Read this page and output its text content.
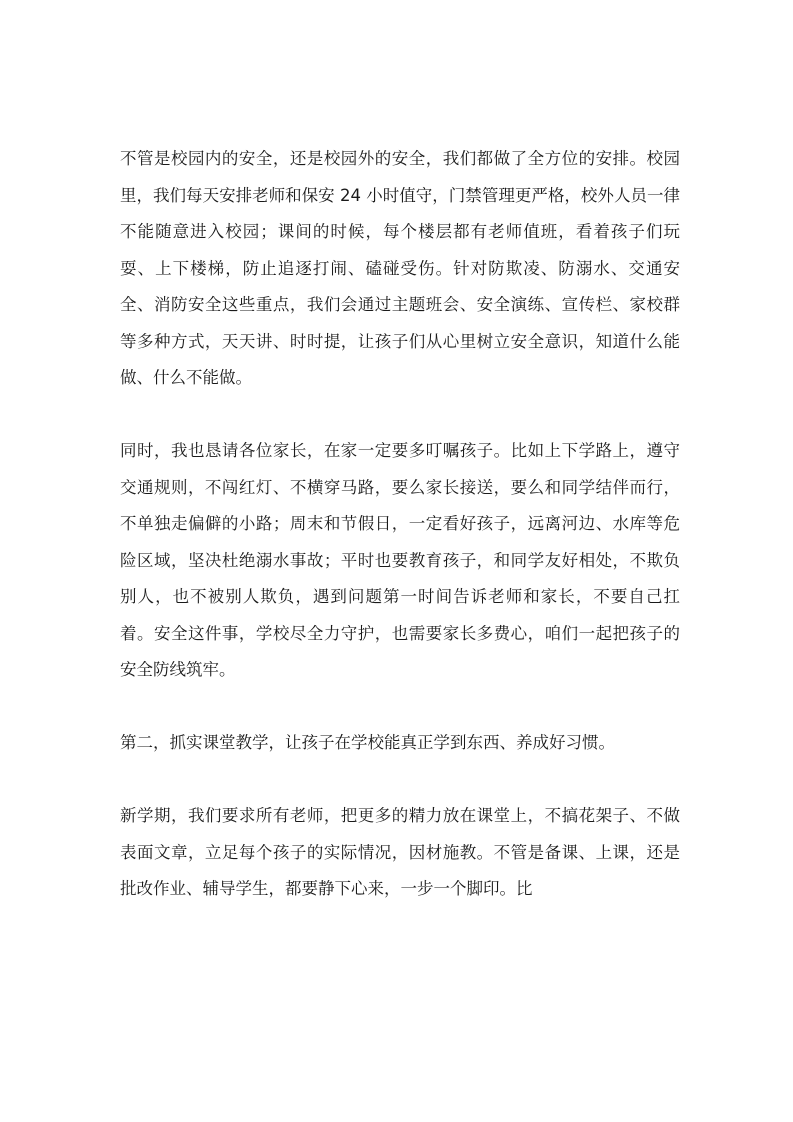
不管是校园内的安全，还是校园外的安全，我们都做了全方位的安排。校园里，我们每天安排老师和保安 24 小时值守，门禁管理更严格，校外人员一律不能随意进入校园；课间的时候，每个楼层都有老师值班，看着孩子们玩耍、上下楼梯，防止追逐打闹、磕碰受伤。针对防欺凌、防溺水、交通安全、消防安全这些重点，我们会通过主题班会、安全演练、宣传栏、家校群等多种方式，天天讲、时时提，让孩子们从心里树立安全意识，知道什么能做、什么不能做。

同时，我也恳请各位家长，在家一定要多叮嘱孩子。比如上下学路上，遵守交通规则，不闯红灯、不横穿马路，要么家长接送，要么和同学结伴而行，不单独走偏僻的小路；周末和节假日，一定看好孩子，远离河边、水库等危险区域，坚决杜绝溺水事故；平时也要教育孩子，和同学友好相处，不欺负别人，也不被别人欺负，遇到问题第一时间告诉老师和家长，不要自己扛着。安全这件事，学校尽全力守护，也需要家长多费心，咱们一起把孩子的安全防线筑牢。

第二，抓实课堂教学，让孩子在学校能真正学到东西、养成好习惯。

新学期，我们要求所有老师，把更多的精力放在课堂上，不搞花架子、不做表面文章，立足每个孩子的实际情况，因材施教。不管是备课、上课，还是批改作业、辅导学生，都要静下心来，一步一个脚印。比
